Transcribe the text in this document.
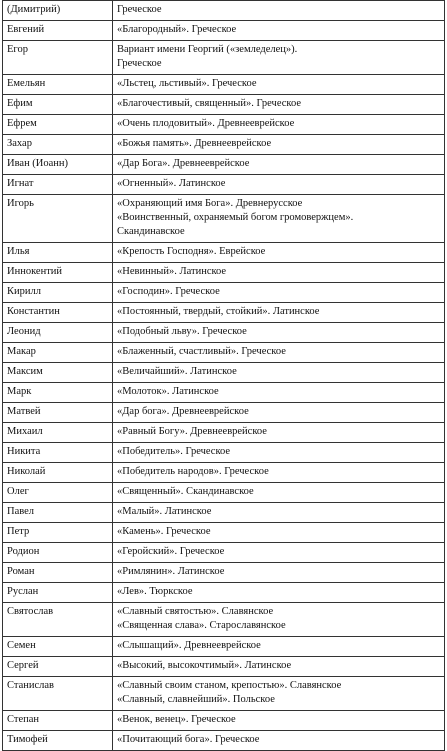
(Димитрий)	Греческое

Евгений	«Благородный». Греческое

Егор	Вариант имени Георгий («земледелец»).
Греческое

Емельян	«Льстец, льстивый». Греческое

Ефим	«Благочестивый, священный». Греческое

Ефрем	«Очень плодовитый». Древнееврейское

Захар	«Божья память». Древнееврейское

Иван (Иоанн)	«Дар Бога». Древнееврейское

Игнат	«Огненный». Латинское

Игорь	«Охраняющий имя Бога». Древнерусское
«Воинственный, охраняемый богом громовержцем».
Скандинавское

Илья	«Крепость Господня». Еврейское

Иннокентий	«Невинный». Латинское

Кирилл	«Господин». Греческое

Константин	«Постоянный, твердый, стойкий». Латинское

Леонид	«Подобный льву». Греческое

Макар	«Блаженный, счастливый». Греческое

Максим	«Величайший». Латинское

Марк	«Молоток». Латинское

Матвей	«Дар бога». Древнееврейское

Михаил	«Равный Богу». Древнееврейское

Никита	«Победитель». Греческое

Николай	«Победитель народов». Греческое

Олег	«Священный». Скандинавское

Павел	«Малый». Латинское

Петр	«Камень». Греческое

Родион	«Геройский». Греческое

Роман	«Римлянин». Латинское

Руслан	«Лев». Тюркское

Святослав	«Славный святостью». Славянское
«Священная слава». Старославянское

Семен	«Слышащий». Древнееврейское

Сергей	«Высокий, высокочтимый». Латинское

Станислав	«Славный своим станом, крепостью». Славянское
«Славный, славнейший». Польское

Степан	«Венок, венец». Греческое

Тимофей	«Почитающий бога». Греческое
